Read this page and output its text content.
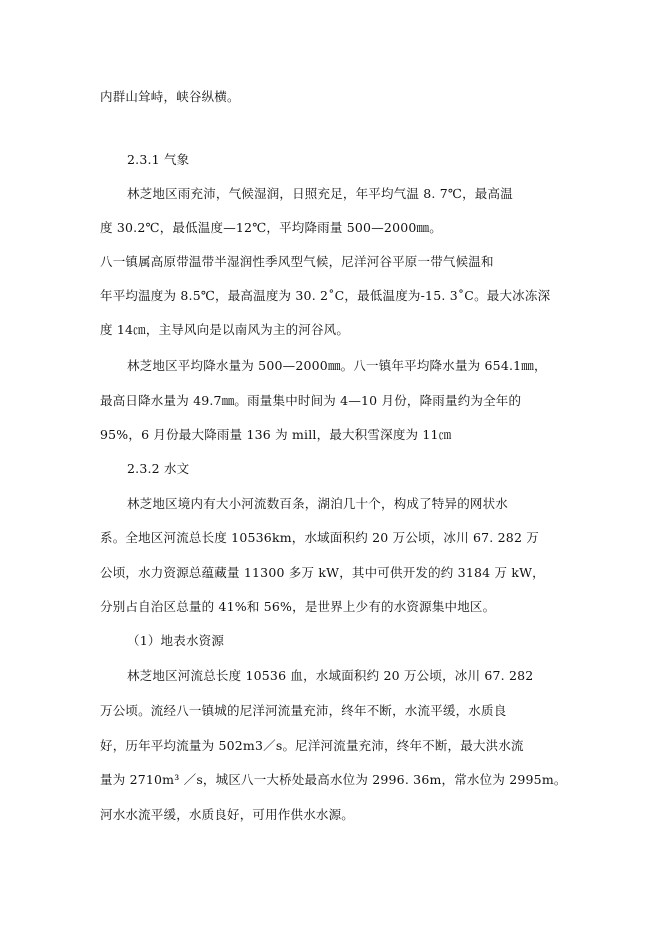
内群山耸峙，峡谷纵横。
2.3.1 气象
林芝地区雨充沛，气候湿润，日照充足，年平均气温 8. 7℃，最高温
度 30.2℃，最低温度—12℃，平均降雨量 500—2000㎜。
八一镇属高原带温带半湿润性季风型气候，尼洋河谷平原一带气候温和
年平均温度为 8.5℃，最高温度为 30. 2˚C，最低温度为-15. 3˚C。最大冰冻深
度 14㎝，主导风向是以南风为主的河谷风。
林芝地区平均降水量为 500—2000㎜。八一镇年平均降水量为 654.1㎜，
最高日降水量为 49.7㎜。雨量集中时间为 4—10 月份，降雨量约为全年的
95%，6 月份最大降雨量 136 为 mill，最大积雪深度为 11㎝
2.3.2 水文
林芝地区境内有大小河流数百条，湖泊几十个，构成了特异的网状水
系。全地区河流总长度 10536km，水域面积约 20 万公顷，冰川 67. 282 万
公顷，水力资源总蕴藏量 11300 多万 kW，其中可供开发的约 3184 万 kW，
分别占自治区总量的 41%和 56%，是世界上少有的水资源集中地区。
（1）地表水资源
林芝地区河流总长度 10536 血，水域面积约 20 万公顷，冰川 67. 282
万公顷。流经八一镇城的尼洋河流量充沛，终年不断，水流平缓，水质良
好，历年平均流量为 502m3／s。尼洋河流量充沛，终年不断，最大洪水流
量为 2710m³ ／s，城区八一大桥处最高水位为 2996. 36m，常水位为 2995m。
河水水流平缓，水质良好，可用作供水水源。
